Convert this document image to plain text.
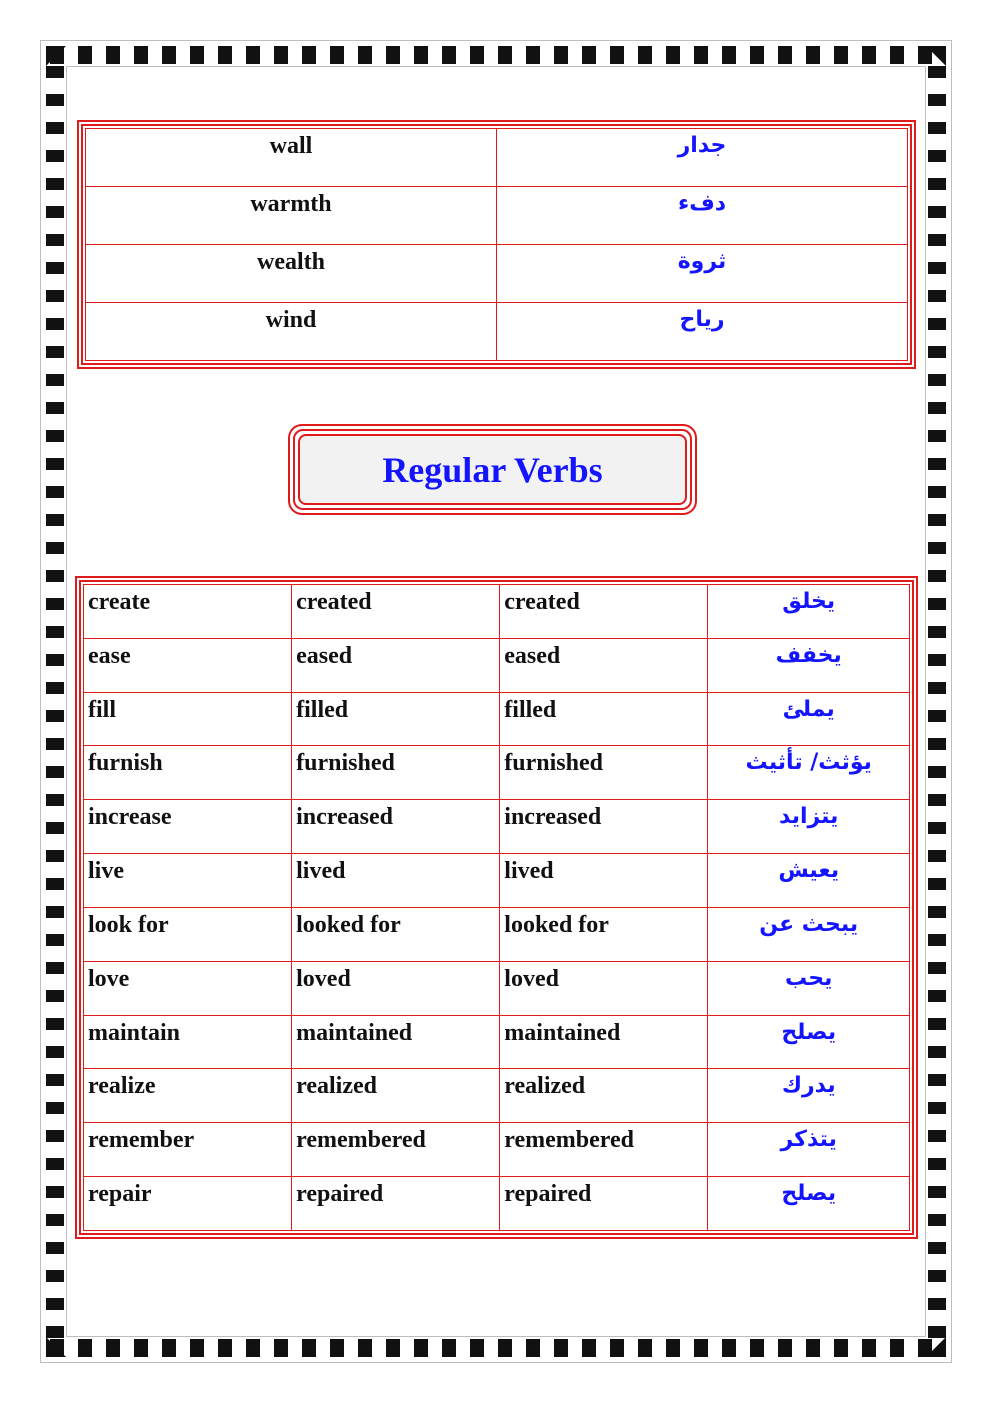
wall	جدار
warmth	دفء
wealth	ثروة
wind	رياح
Regular Verbs
create	created	created	يخلق
ease	eased	eased	يخفف
fill	filled	filled	يملئ
furnish	furnished	furnished	يؤثث/ تأثيث
increase	increased	increased	يتزايد
live	lived	lived	يعيش
look for	looked for	looked for	يبحث عن
love	loved	loved	يحب
maintain	maintained	maintained	يصلح
realize	realized	realized	يدرك
remember	remembered	remembered	يتذكر
repair	repaired	repaired	يصلح
